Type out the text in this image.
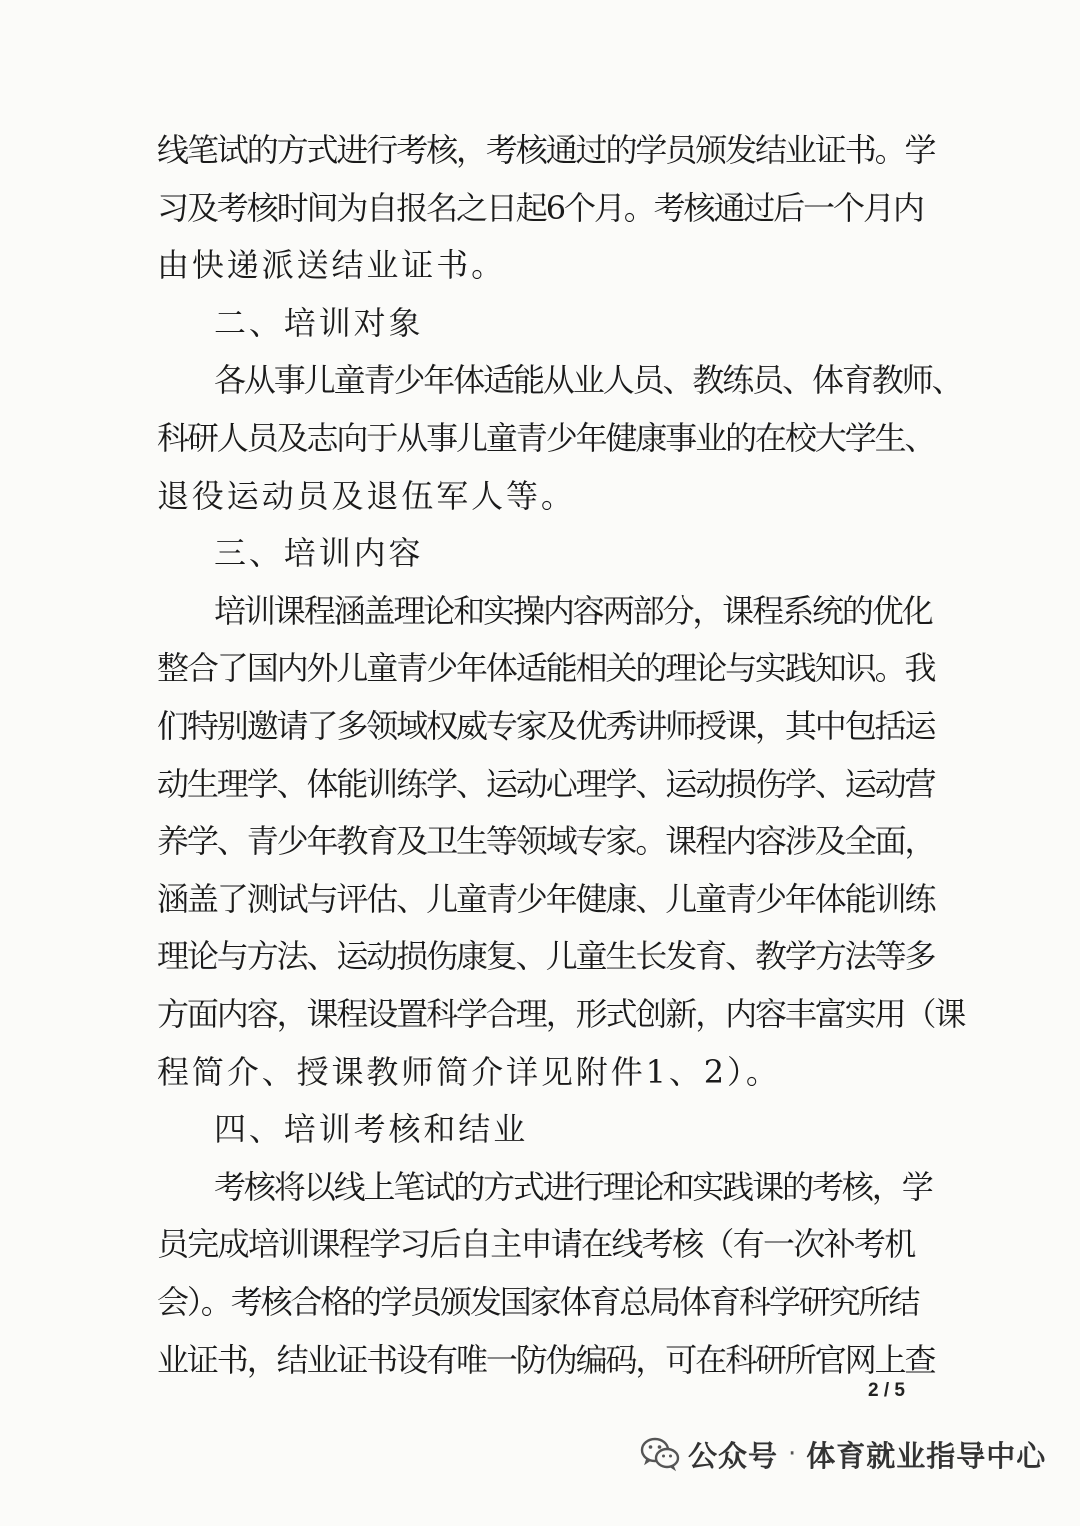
线笔试的方式进行考核，考核通过的学员颁发结业证书。学
习及考核时间为自报名之日起6个月。考核通过后一个月内
由快递派送结业证书。
二、培训对象
各从事儿童青少年体适能从业人员、教练员、体育教师、
科研人员及志向于从事儿童青少年健康事业的在校大学生、
退役运动员及退伍军人等。
三、培训内容
培训课程涵盖理论和实操内容两部分，课程系统的优化
整合了国内外儿童青少年体适能相关的理论与实践知识。我
们特别邀请了多领域权威专家及优秀讲师授课，其中包括运
动生理学、体能训练学、运动心理学、运动损伤学、运动营
养学、青少年教育及卫生等领域专家。课程内容涉及全面，
涵盖了测试与评估、儿童青少年健康、儿童青少年体能训练
理论与方法、运动损伤康复、儿童生长发育、教学方法等多
方面内容，课程设置科学合理，形式创新，内容丰富实用（课
程简介、授课教师简介详见附件1、2）。
四、培训考核和结业
考核将以线上笔试的方式进行理论和实践课的考核，学
员完成培训课程学习后自主申请在线考核（有一次补考机
会）。考核合格的学员颁发国家体育总局体育科学研究所结
业证书，结业证书设有唯一防伪编码，可在科研所官网上查
2 / 5
公众号 · 体育就业指导中心
